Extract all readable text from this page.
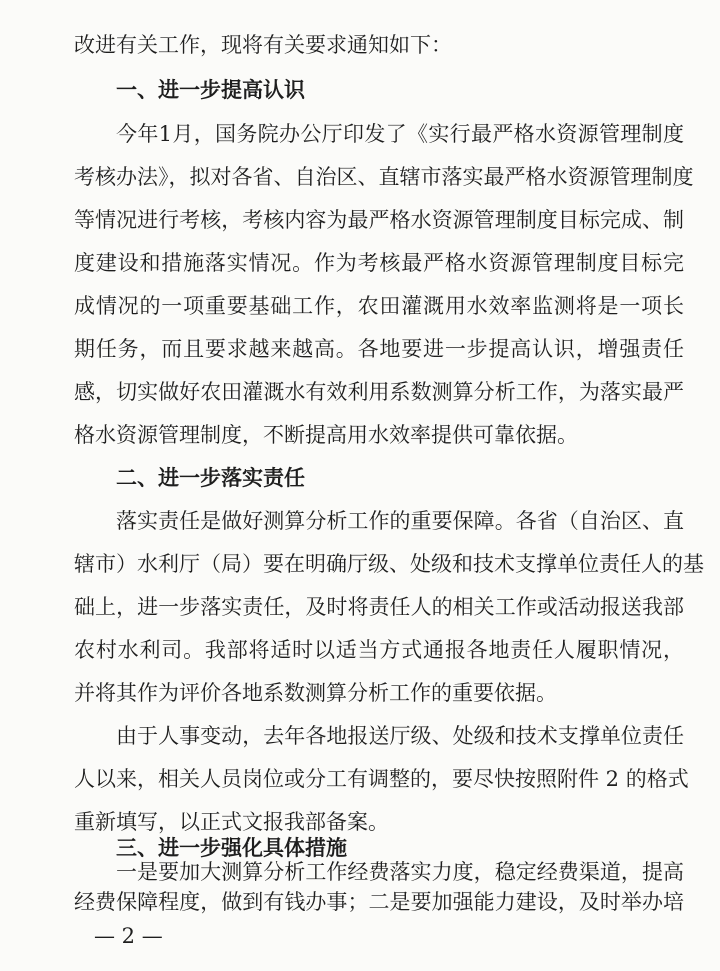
改进有关工作，现将有关要求通知如下：
一、进一步提高认识
今年1月，国务院办公厅印发了《实行最严格水资源管理制度
考核办法》，拟对各省、自治区、直辖市落实最严格水资源管理制度
等情况进行考核，考核内容为最严格水资源管理制度目标完成、制
度建设和措施落实情况。作为考核最严格水资源管理制度目标完
成情况的一项重要基础工作，农田灌溉用水效率监测将是一项长
期任务，而且要求越来越高。各地要进一步提高认识，增强责任
感，切实做好农田灌溉水有效利用系数测算分析工作，为落实最严
格水资源管理制度，不断提高用水效率提供可靠依据。
二、进一步落实责任
落实责任是做好测算分析工作的重要保障。各省（自治区、直
辖市）水利厅（局）要在明确厅级、处级和技术支撑单位责任人的基
础上，进一步落实责任，及时将责任人的相关工作或活动报送我部
农村水利司。我部将适时以适当方式通报各地责任人履职情况，
并将其作为评价各地系数测算分析工作的重要依据。
由于人事变动，去年各地报送厅级、处级和技术支撑单位责任
人以来，相关人员岗位或分工有调整的，要尽快按照附件 2 的格式
重新填写，以正式文报我部备案。
三、进一步强化具体措施
一是要加大测算分析工作经费落实力度，稳定经费渠道，提高
经费保障程度，做到有钱办事；二是要加强能力建设，及时举办培
— 2 —
